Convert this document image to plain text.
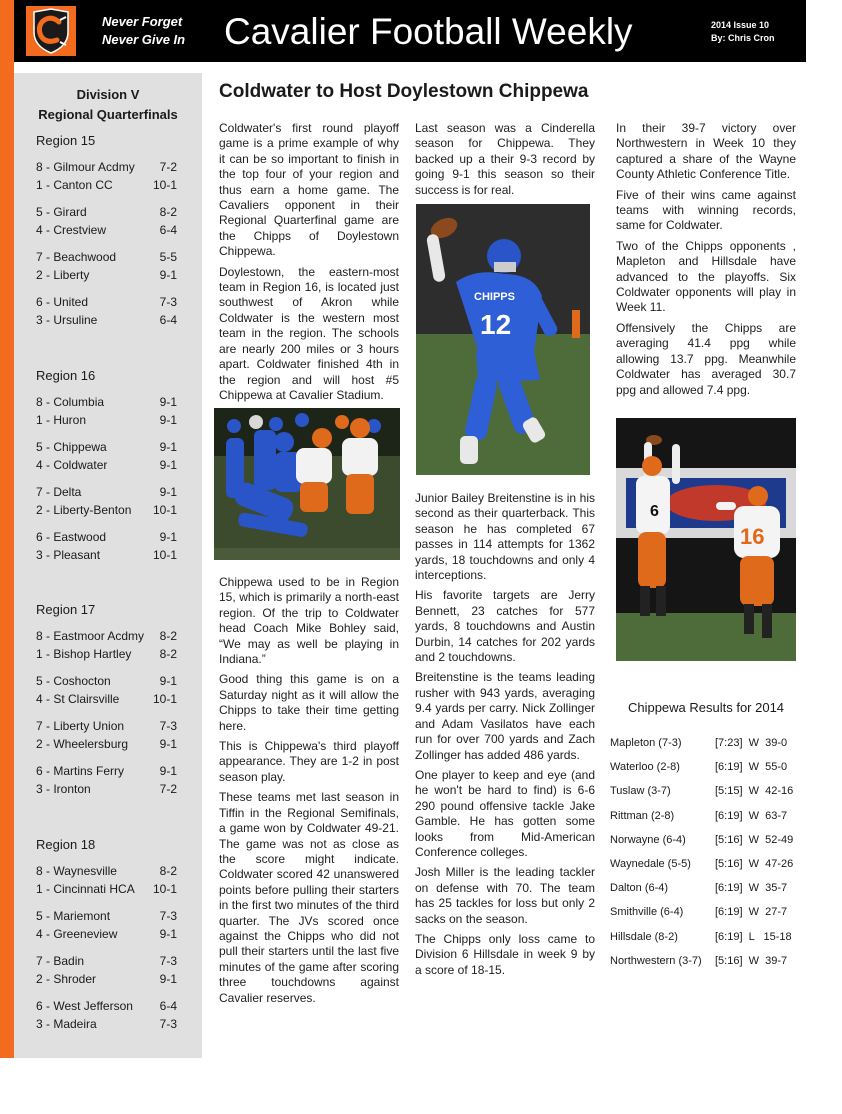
Never Forget
Never Give In Cavalier Football Weekly	2014 Issue 10
By: Chris Cron
Division V
Regional Quarterfinals
Region 15
8 - Gilmour Acdmy	7-2
1 - Canton CC	10-1
5 - Girard	8-2
4 - Crestview	6-4
7 - Beachwood	5-5
2 - Liberty	9-1
6 - United	7-3
3 - Ursuline	6-4
Region 16
8 - Columbia	9-1
1 - Huron	9-1
5 - Chippewa	9-1
4 - Coldwater	9-1
7 - Delta	9-1
2 - Liberty-Benton	10-1
6 - Eastwood	9-1
3 - Pleasant	10-1
Region 17
8 - Eastmoor Acdmy	8-2
1 - Bishop Hartley	8-2
5 - Coshocton	9-1
4 - St Clairsville	10-1
7 - Liberty Union	7-3
2 - Wheelersburg	9-1
6 - Martins Ferry	9-1
3 - Ironton	7-2
Region 18
8 - Waynesville	8-2
1 - Cincinnati HCA	10-1
5 - Mariemont	7-3
4 - Greeneview	9-1
7 - Badin	7-3
2 - Shroder	9-1
6 - West Jefferson	6-4
3 - Madeira	7-3
Coldwater to Host Doylestown Chippewa

Coldwater's first round playoff game is a prime example of why it can be so important to finish in the top four of your region and thus earn a home game. The Cavaliers opponent in their Regional Quarterfinal game are the Chipps of Doylestown Chippewa.

Doylestown, the eastern-most team in Region 16, is located just southwest of Akron while Coldwater is the western most team in the region. The schools are nearly 200 miles or 3 hours apart. Coldwater finished 4th in the region and will host #5 Chippewa at Cavalier Stadium.

Chippewa used to be in Region 15, which is primarily a north-east region. Of the trip to Coldwater head Coach Mike Bohley said, “We may as well be playing in Indiana.”

Good thing this game is on a Saturday night as it will allow the Chipps to take their time getting here.

This is Chippewa's third playoff appearance. They are 1-2 in post season play.

These teams met last season in Tiffin in the Regional Semifinals, a game won by Coldwater 49-21. The game was not as close as the score might indicate. Coldwater scored 42 unanswered points before pulling their starters in the first two minutes of the third quarter. The JVs scored once against the Chipps who did not pull their starters until the last five minutes of the game after scoring three touchdowns against Cavalier reserves.

Last season was a Cinderella season for Chippewa. They backed up a their 9-3 record by going 9-1 this season so their success is for real.

CHIPPS
12

Junior Bailey Breitenstine is in his second as their quarterback. This season he has completed 67 passes in 114 attempts for 1362 yards, 18 touchdowns and only 4 interceptions.

His favorite targets are Jerry Bennett, 23 catches for 577 yards, 8 touchdowns and Austin Durbin, 14 catches for 202 yards and 2 touchdowns.

Breitenstine is the teams leading rusher with 943 yards, averaging 9.4 yards per carry. Nick Zollinger and Adam Vasilatos have each run for over 700 yards and Zach Zollinger has added 486 yards.

One player to keep and eye (and he won't be hard to find) is 6-6 290 pound offensive tackle Jake Gamble. He has gotten some looks from Mid-American Conference colleges.

Josh Miller is the leading tackler on defense with 70. The team has 25 tackles for loss but only 2 sacks on the season.

The Chipps only loss came to Division 6 Hillsdale in week 9 by a score of 18-15.

In their 39-7 victory over Northwestern in Week 10 they captured a share of the Wayne County Athletic Conference Title.

Five of their wins came against teams with winning records, same for Coldwater.

Two of the Chipps opponents , Mapleton and Hillsdale have advanced to the playoffs. Six Coldwater opponents will play in Week 11.

Offensively the Chipps are averaging 41.4 ppg while allowing 13.7 ppg. Meanwhile Coldwater has averaged 30.7 ppg and allowed 7.4 ppg.

6
16
Chippewa Results for 2014
Mapleton (7-3)	[7:23]  W  39-0
Waterloo (2-8)	[6:19]  W  55-0
Tuslaw (3-7)	[5:15]  W  42-16
Rittman (2-8)	[6:19]  W  63-7
Norwayne (6-4)	[5:16]  W  52-49
Waynedale (5-5) [5:16]  W  47-26
Dalton (6-4)	[6:19]  W  35-7
Smithville (6-4)	[6:19]  W  27-7
Hillsdale (8-2)	[6:19]  L   15-18
Northwestern (3-7) [5:16]  W  39-7
